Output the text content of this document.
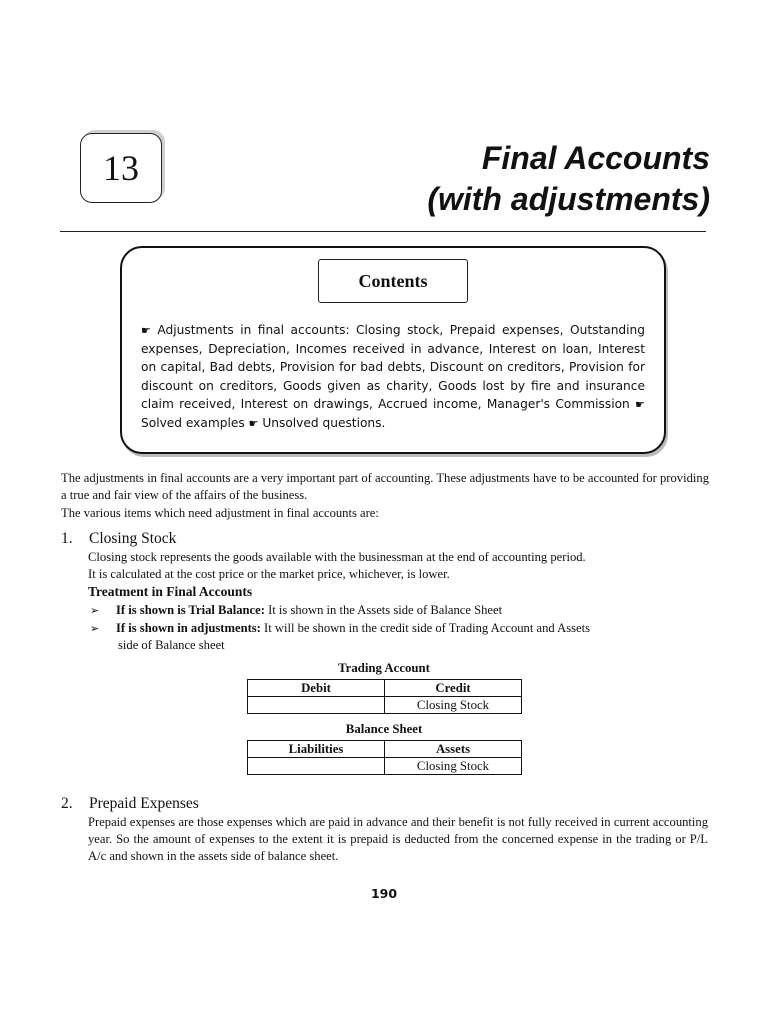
13	Final Accounts
(with adjustments)
Contents
☛ Adjustments in final accounts: Closing stock, Prepaid expenses, Outstanding expenses, Depreciation, Incomes received in advance, Interest on loan, Interest on capital, Bad debts, Provision for bad debts, Discount on creditors, Provision for discount on creditors, Goods given as charity, Goods lost by fire and insurance claim received, Interest on drawings, Accrued income, Manager's Commission ☛ Solved examples ☛ Unsolved questions.
The adjustments in final accounts are a very important part of accounting. These adjustments have to be accounted for providing a true and fair view of the affairs of the business.
The various items which need adjustment in final accounts are:
1. Closing Stock
Closing stock represents the goods available with the businessman at the end of accounting period.
It is calculated at the cost price or the market price, whichever, is lower.
Treatment in Final Accounts
➢	If is shown is Trial Balance: It is shown in the Assets side of Balance Sheet
➢	If is shown in adjustments: It will be shown in the credit side of Trading Account and Assets
side of Balance sheet
Trading Account
Debit	Credit
	Closing Stock
Balance Sheet
Liabilities	Assets
	Closing Stock
2. Prepaid Expenses
Prepaid expenses are those expenses which are paid in advance and their benefit is not fully received in current accounting year. So the amount of expenses to the extent it is prepaid is deducted from the concerned expense in the trading or P/L A/c and shown in the assets side of balance sheet.
190
